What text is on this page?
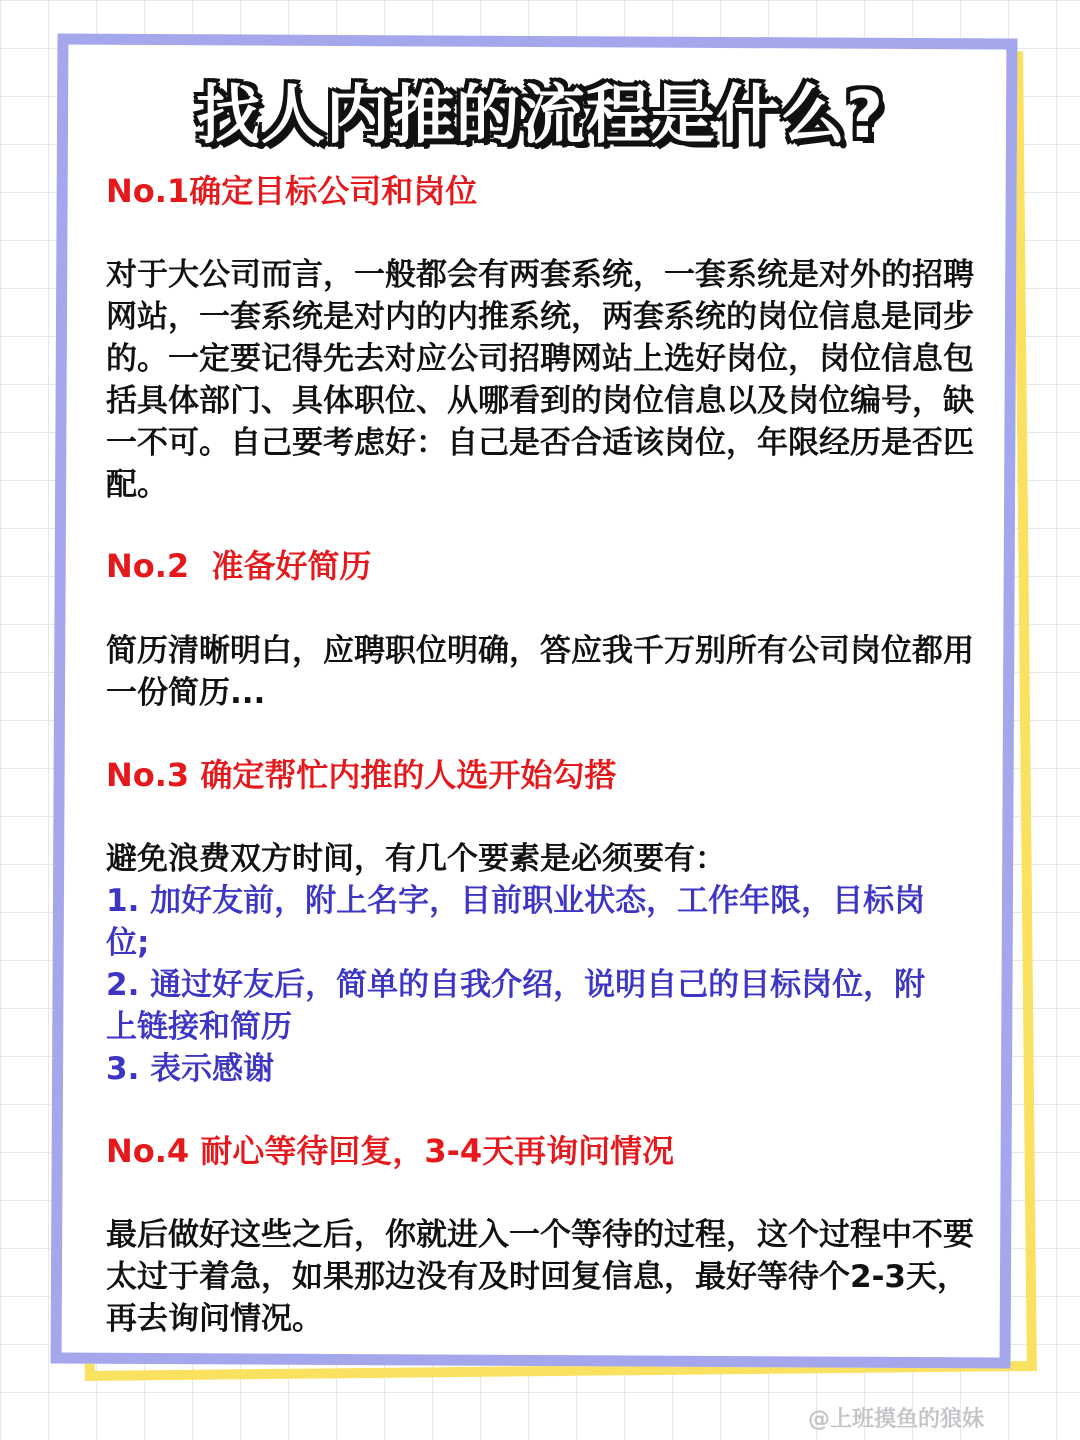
找人内推的流程是什么?
No.1确定目标公司和岗位
对于大公司而言，一般都会有两套系统，一套系统是对外的招聘网站，一套系统是对内的内推系统，两套系统的岗位信息是同步的。一定要记得先去对应公司招聘网站上选好岗位，岗位信息包括具体部门、具体职位、从哪看到的岗位信息以及岗位编号，缺一不可。自己要考虑好：自己是否合适该岗位，年限经历是否匹配。
No.2  准备好简历
简历清晰明白，应聘职位明确，答应我千万别所有公司岗位都用一份简历...
No.3 确定帮忙内推的人选开始勾搭
避免浪费双方时间，有几个要素是必须要有：
1. 加好友前，附上名字，目前职业状态，工作年限，目标岗位;
2. 通过好友后，简单的自我介绍，说明自己的目标岗位，附上链接和简历
3. 表示感谢
No.4 耐心等待回复，3-4天再询问情况
最后做好这些之后，你就进入一个等待的过程，这个过程中不要太过于着急，如果那边没有及时回复信息，最好等待个2-3天，再去询问情况。
@上班摸鱼的狼妹
